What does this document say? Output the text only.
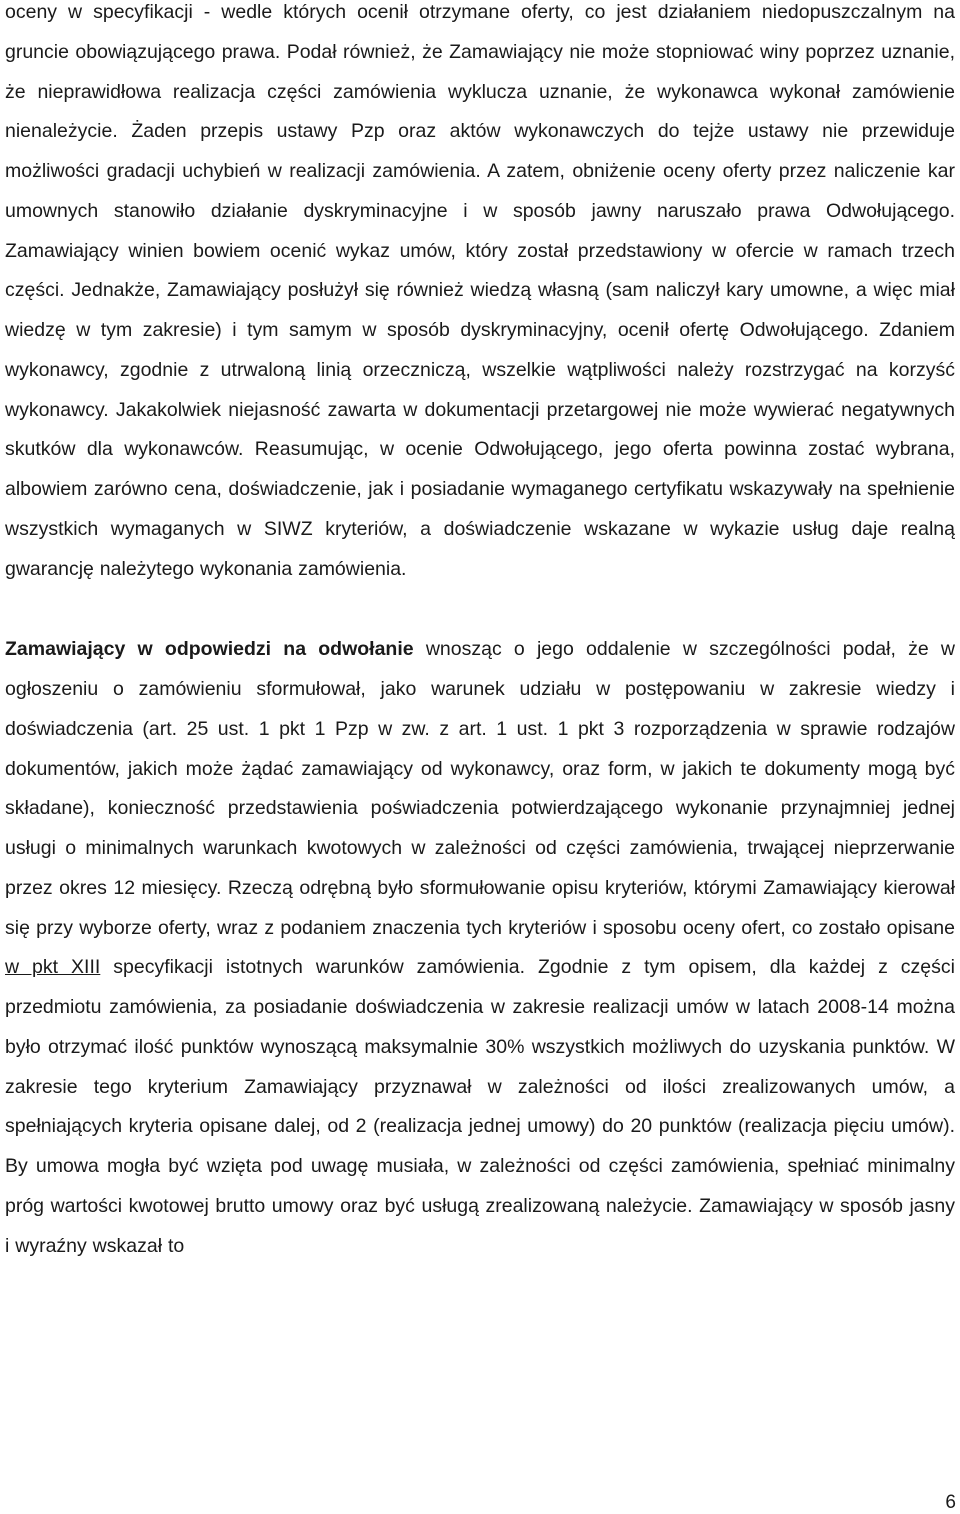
oceny w specyfikacji - wedle których ocenił otrzymane oferty, co jest działaniem niedopuszczalnym na gruncie obowiązującego prawa. Podał również, że Zamawiający nie może stopniować winy poprzez uznanie, że nieprawidłowa realizacja części zamówienia wyklucza uznanie, że wykonawca wykonał zamówienie nienależycie. Żaden przepis ustawy Pzp oraz aktów wykonawczych do tejże ustawy nie przewiduje możliwości gradacji uchybień w realizacji zamówienia. A zatem, obniżenie oceny oferty przez naliczenie kar umownych stanowiło działanie dyskryminacyjne i w sposób jawny naruszało prawa Odwołującego. Zamawiający winien bowiem ocenić wykaz umów, który został przedstawiony w ofercie w ramach trzech części. Jednakże, Zamawiający posłużył się również wiedzą własną (sam naliczył kary umowne, a więc miał wiedzę w tym zakresie) i tym samym w sposób dyskryminacyjny, ocenił ofertę Odwołującego. Zdaniem wykonawcy, zgodnie z utrwaloną linią orzeczniczą, wszelkie wątpliwości należy rozstrzygać na korzyść wykonawcy. Jakakolwiek niejasność zawarta w dokumentacji przetargowej nie może wywierać negatywnych skutków dla wykonawców. Reasumując, w ocenie Odwołującego, jego oferta powinna zostać wybrana, albowiem zarówno cena, doświadczenie, jak i posiadanie wymaganego certyfikatu wskazywały na spełnienie wszystkich wymaganych w SIWZ kryteriów, a doświadczenie wskazane w wykazie usług daje realną gwarancję należytego wykonania zamówienia.

Zamawiający w odpowiedzi na odwołanie wnosząc o jego oddalenie w szczególności podał, że w ogłoszeniu o zamówieniu sformułował, jako warunek udziału w postępowaniu w zakresie wiedzy i doświadczenia (art. 25 ust. 1 pkt 1 Pzp w zw. z art. 1 ust. 1 pkt 3 rozporządzenia w sprawie rodzajów dokumentów, jakich może żądać zamawiający od wykonawcy, oraz form, w jakich te dokumenty mogą być składane), konieczność przedstawienia poświadczenia potwierdzającego wykonanie przynajmniej jednej usługi o minimalnych warunkach kwotowych w zależności od części zamówienia, trwającej nieprzerwanie przez okres 12 miesięcy. Rzeczą odrębną było sformułowanie opisu kryteriów, którymi Zamawiający kierował się przy wyborze oferty, wraz z podaniem znaczenia tych kryteriów i sposobu oceny ofert, co zostało opisane w pkt XIII specyfikacji istotnych warunków zamówienia. Zgodnie z tym opisem, dla każdej z części przedmiotu zamówienia, za posiadanie doświadczenia w zakresie realizacji umów w latach 2008-14 można było otrzymać ilość punktów wynoszącą maksymalnie 30% wszystkich możliwych do uzyskania punktów. W zakresie tego kryterium Zamawiający przyznawał w zależności od ilości zrealizowanych umów, a spełniających kryteria opisane dalej, od 2 (realizacja jednej umowy) do 20 punktów (realizacja pięciu umów). By umowa mogła być wzięta pod uwagę musiała, w zależności od części zamówienia, spełniać minimalny próg wartości kwotowej brutto umowy oraz być usługą zrealizowaną należycie. Zamawiający w sposób jasny i wyraźny wskazał to

6
